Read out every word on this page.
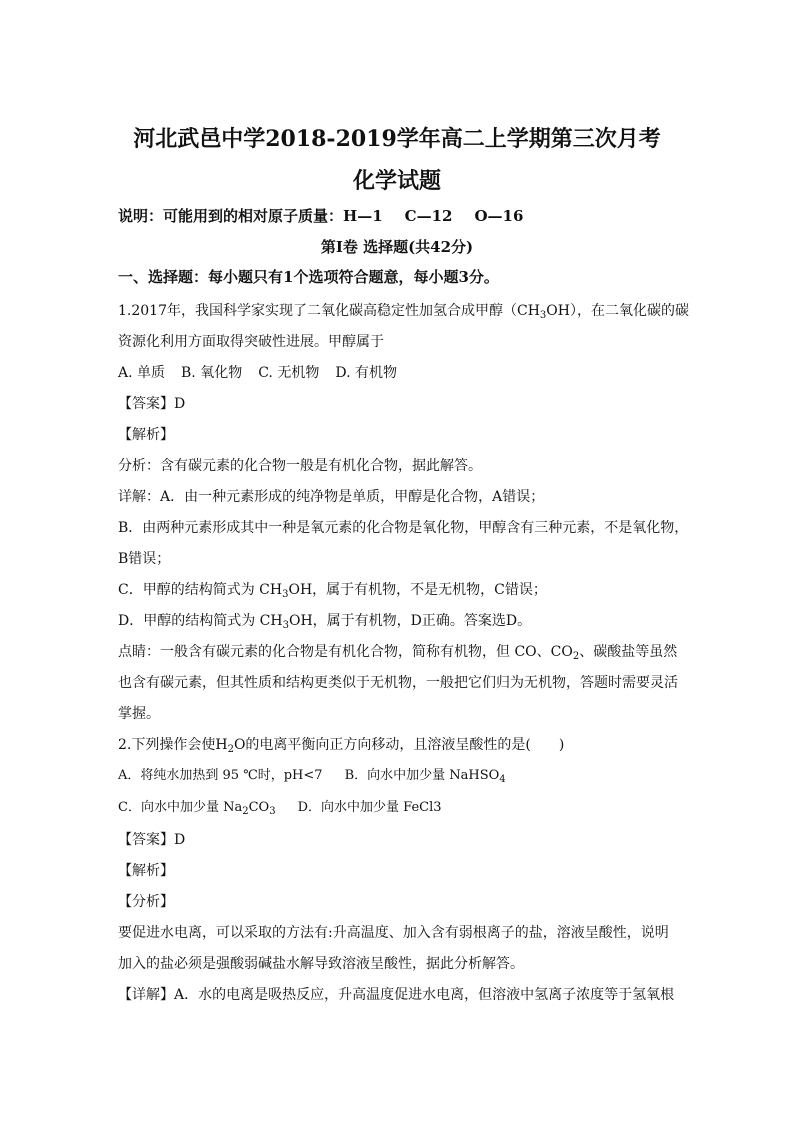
河北武邑中学2018-2019学年高二上学期第三次月考
化学试题
说明：可能用到的相对原子质量：H—1 C—12 O—16
第Ⅰ卷 选择题(共42分)
一、选择题：每小题只有1个选项符合题意，每小题3分。
1.2017年，我国科学家实现了二氧化碳高稳定性加氢合成甲醇$(CH_3OH)$，在二氧化碳的碳
资源化利用方面取得突破性进展。甲醇属于
A. 单质 B. 氧化物 C. 无机物 D. 有机物
【答案】D
【解析】
分析：含有碳元素的化合物一般是有机化合物，据此解答。
详解：A．由一种元素形成的纯净物是单质，甲醇是化合物，A错误；
B．由两种元素形成其中一种是氧元素的化合物是氧化物，甲醇含有三种元素，不是氧化物，
B错误；
C．甲醇的结构简式为 $CH_3OH$，属于有机物，不是无机物，C错误；
D．甲醇的结构简式为 $CH_3OH$，属于有机物，D正确。答案选D。
点睛：一般含有碳元素的化合物是有机化合物，简称有机物，但 CO、$CO_2$、碳酸盐等虽然
也含有碳元素，但其性质和结构更类似于无机物，一般把它们归为无机物，答题时需要灵活
掌握。
2.下列操作会使$H_2O$的电离平衡向正方向移动，且溶液呈酸性的是(　　)
A．将纯水加热到 95 ℃时，pH<7 B．向水中加少量 NaHSO$_4$
C．向水中加少量 $Na_2CO_3$ D．向水中加少量 FeCl3
【答案】D
【解析】
【分析】
要促进水电离，可以采取的方法有:升高温度、加入含有弱根离子的盐，溶液呈酸性，说明
加入的盐必须是强酸弱碱盐水解导致溶液呈酸性，据此分析解答。
【详解】A．水的电离是吸热反应，升高温度促进水电离，但溶液中氢离子浓度等于氢氧根
